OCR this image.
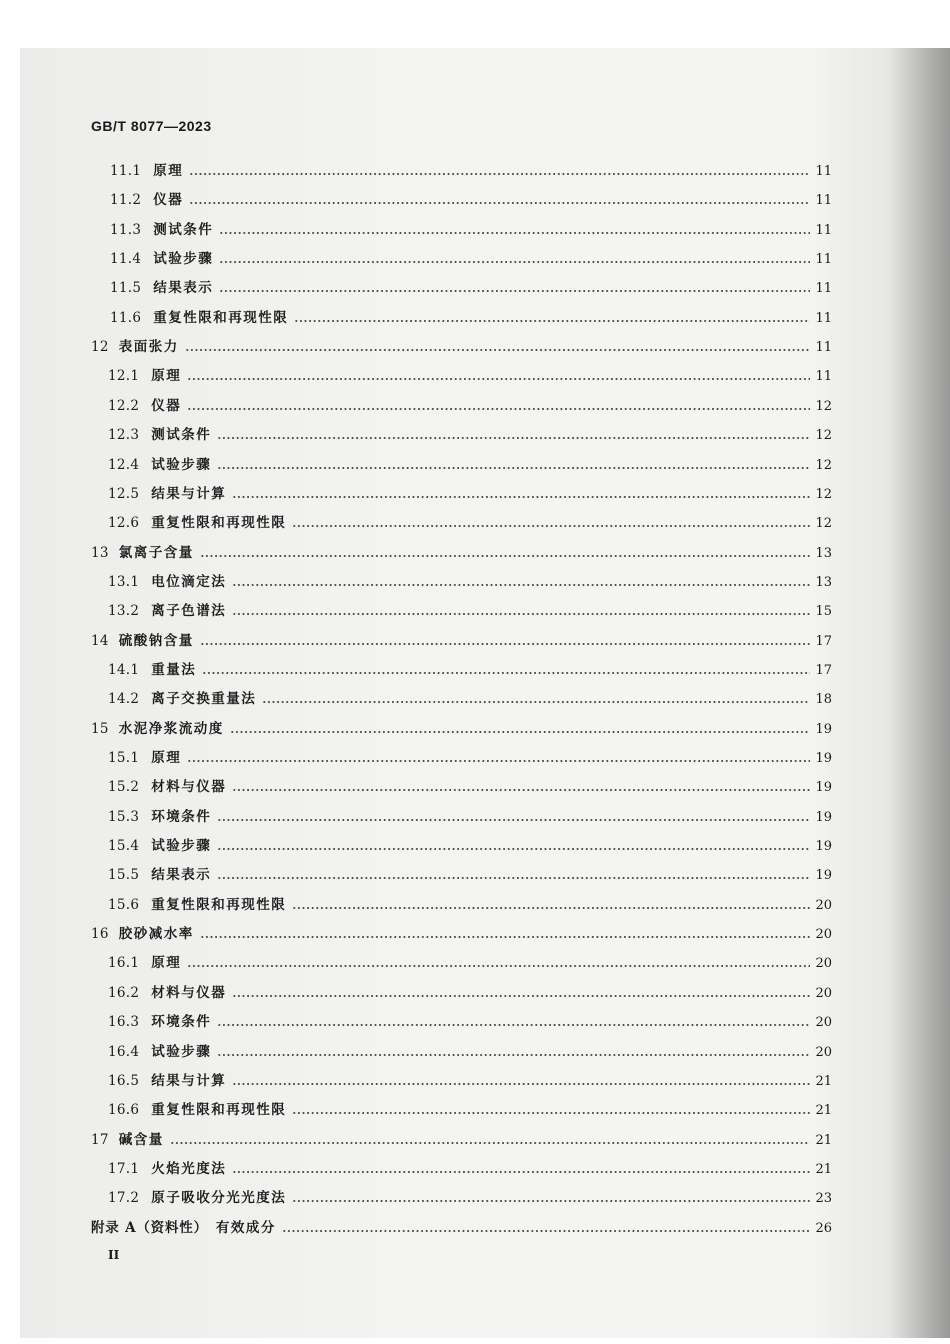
GB/T 8077—2023
11.1 原理	11
11.2 仪器	11
11.3 测试条件	11
11.4 试验步骤	11
11.5 结果表示	11
11.6 重复性限和再现性限	11
12 表面张力	11
12.1 原理	11
12.2 仪器	12
12.3 测试条件	12
12.4 试验步骤	12
12.5 结果与计算	12
12.6 重复性限和再现性限	12
13 氯离子含量	13
13.1 电位滴定法	13
13.2 离子色谱法	15
14 硫酸钠含量	17
14.1 重量法	17
14.2 离子交换重量法	18
15 水泥净浆流动度	19
15.1 原理	19
15.2 材料与仪器	19
15.3 环境条件	19
15.4 试验步骤	19
15.5 结果表示	19
15.6 重复性限和再现性限	20
16 胶砂减水率	20
16.1 原理	20
16.2 材料与仪器	20
16.3 环境条件	20
16.4 试验步骤	20
16.5 结果与计算	21
16.6 重复性限和再现性限	21
17 碱含量	21
17.1 火焰光度法	21
17.2 原子吸收分光光度法	23
附录 A（资料性） 有效成分	26
II
